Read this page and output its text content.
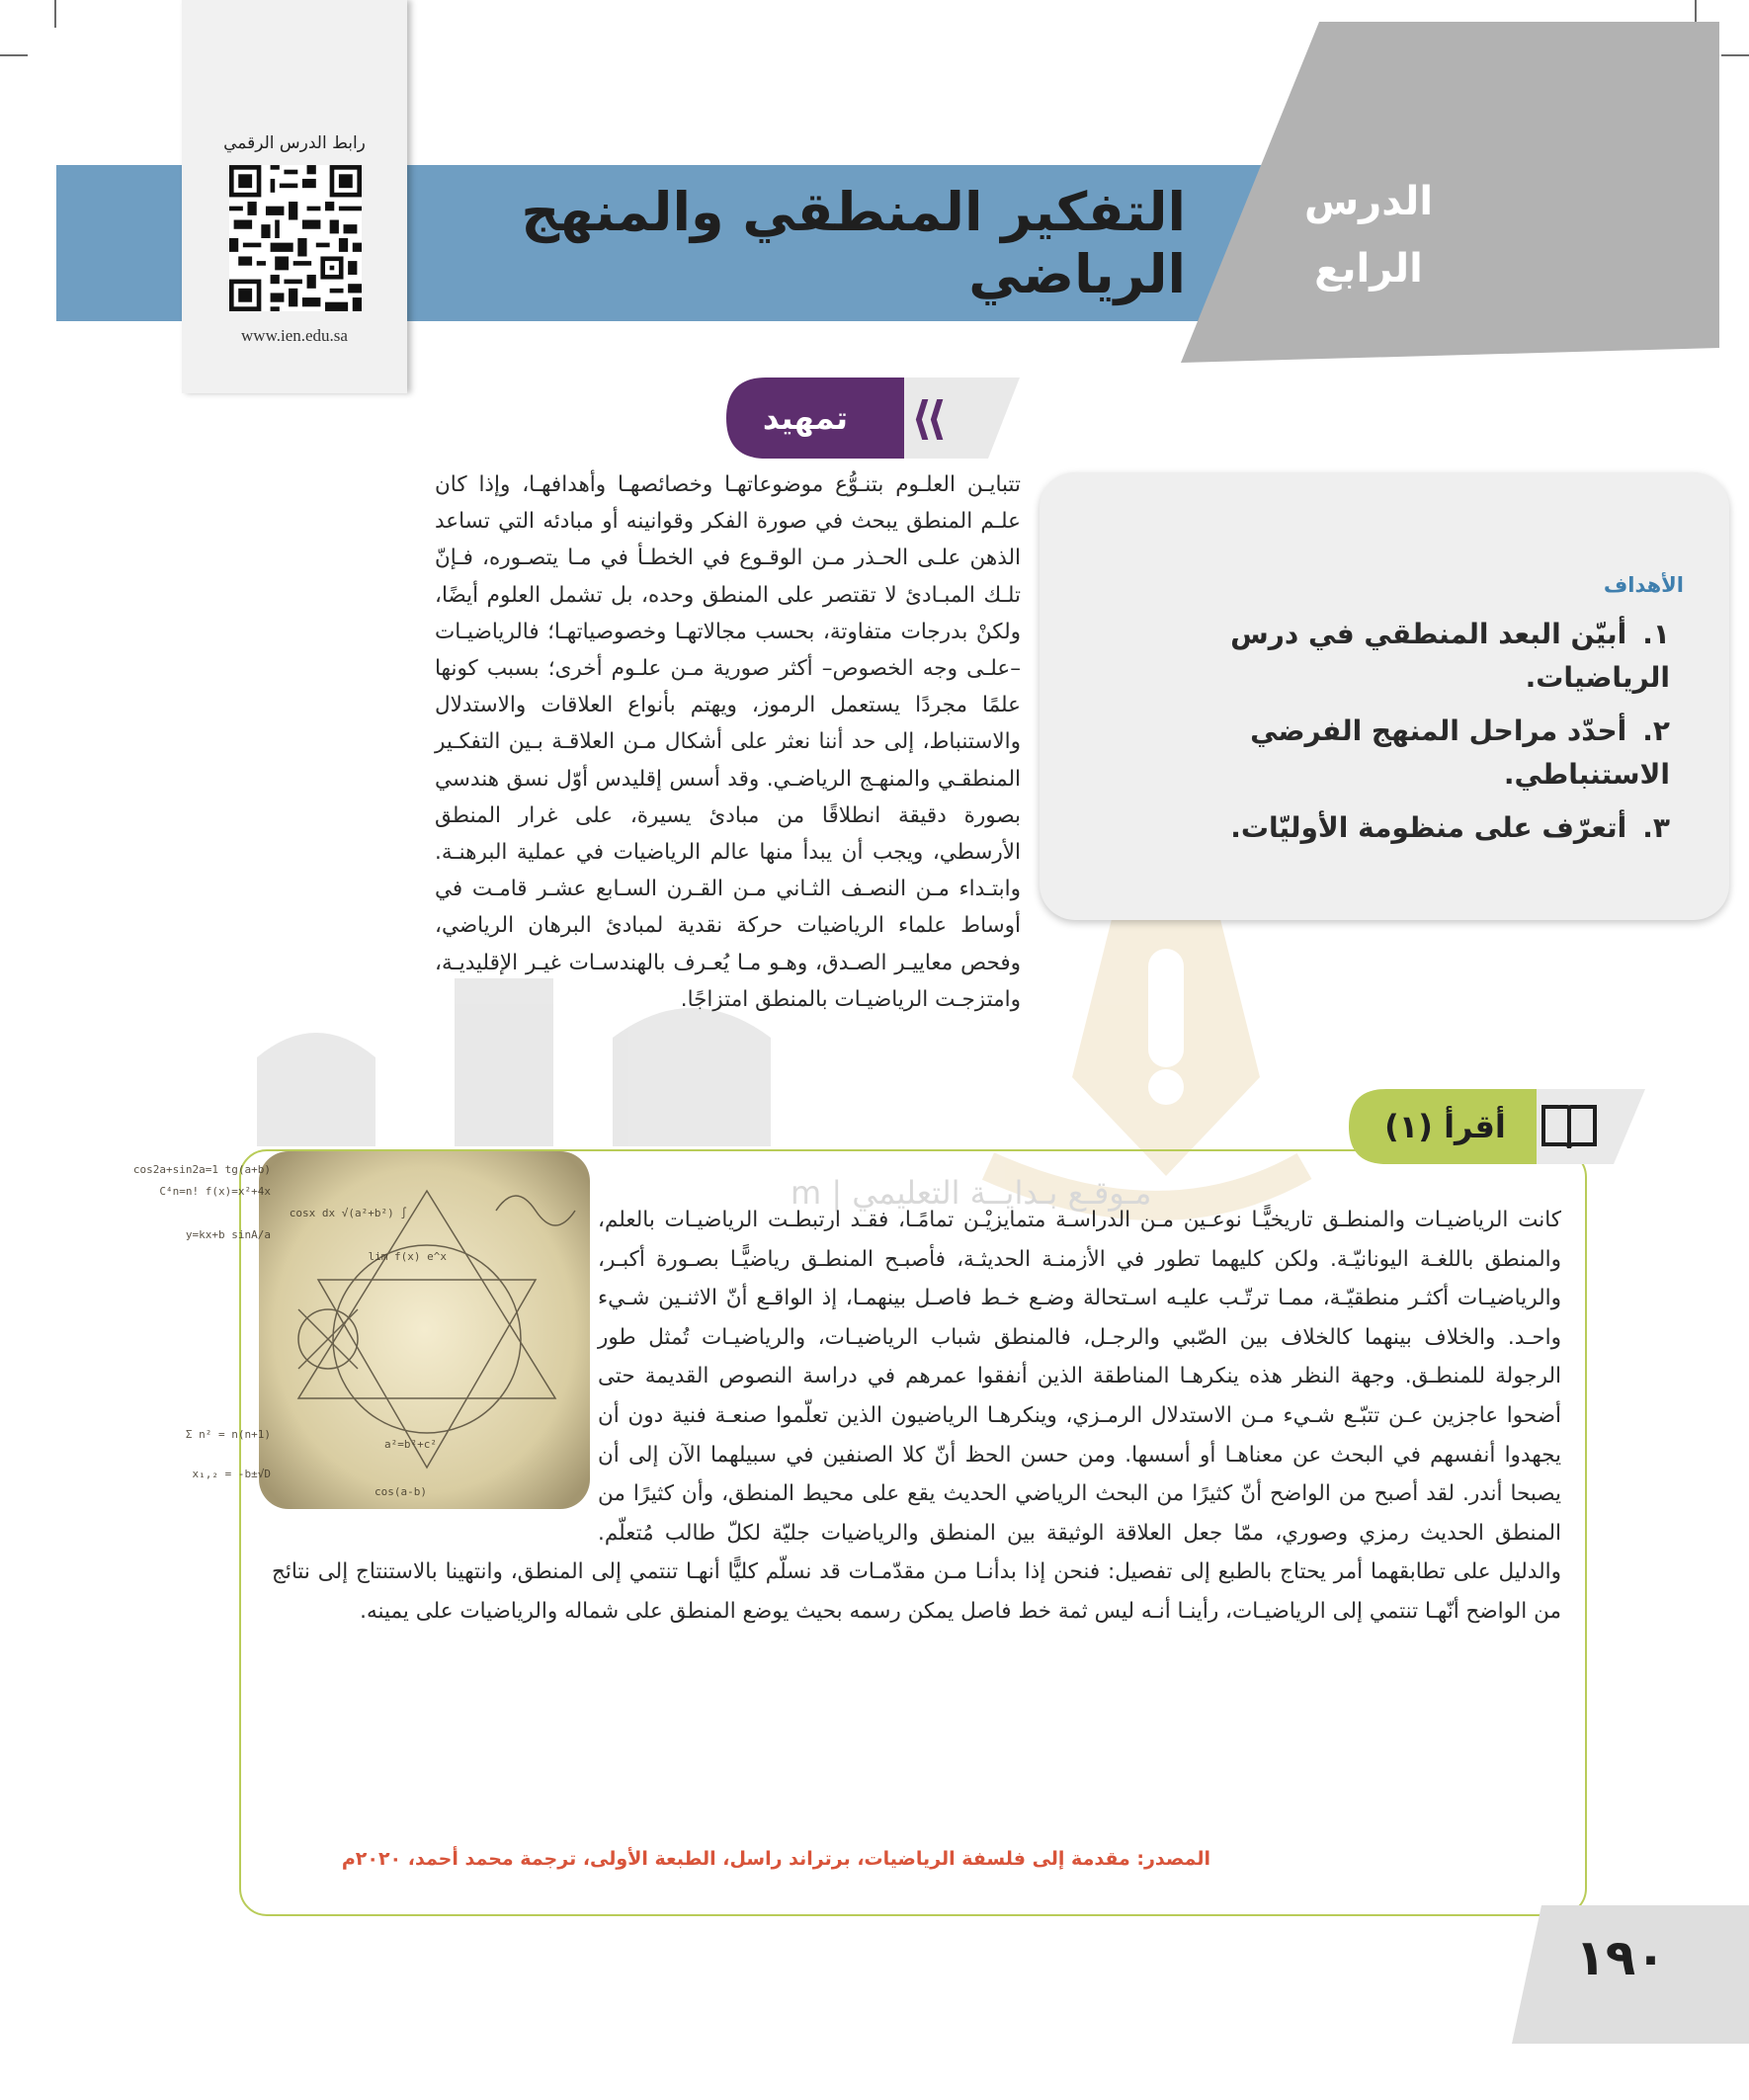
التفكير المنطقي والمنهج الرياضي
الدرس
الرابع
رابط الدرس الرقمي
www.ien.edu.sa
مـوقـع بـدايــة التعليمي | m
تمهيد	⟩⟩
تتبايـن العلـوم بتنـوُّع موضوعاتهـا وخصائصهـا وأهدافهـا، وإذا كان علـم المنطق يبحث في صورة الفكر وقوانينه أو مبادئه التي تساعد الذهن علـى الحـذر مـن الوقـوع في الخطـأ في مـا يتصـوره، فـإنّ تلـك المبـادئ لا تقتصر على المنطق وحده، بل تشمل العلوم أيضًا، ولكنْ بدرجات متفاوتة، بحسب مجالاتهـا وخصوصياتهـا؛ فالرياضيـات –علـى وجه الخصوص– أكثر صورية مـن علـوم أخرى؛ بسبب كونها علمًا مجردًا يستعمل الرموز، ويهتم بأنواع العلاقات والاستدلال والاستنباط، إلى حد أننا نعثر على أشكال مـن العلاقـة بـين التفكـير المنطقـي والمنهـج الرياضـي. وقد أسس إقليدس أوّل نسق هندسي بصورة دقيقة انطلاقًا من مبادئ يسيرة، على غرار المنطق الأرسطي، ويجب أن يبدأ منها عالم الرياضيات في عملية البرهنـة. وابتـداء مـن النصـف الثـاني مـن القـرن السـابع عشـر قامـت في أوساط علماء الرياضيات حركة نقدية لمبادئ البرهان الرياضي، وفحص معاييـر الصـدق، وهـو مـا يُعـرف بالهندسـات غيـر الإقليديـة، وامتزجـت الرياضيـات بالمنطق امتزاجًا.
الأهداف
١. أبيّن البعد المنطقي في درس الرياضيات.
٢. أحدّد مراحل المنهج الفرضي الاستنباطي.
٣. أتعرّف على منظومة الأوليّات.
أقرأ (١)
cos2a+sin2a=1 tg(a+b)
C⁴n=n! f(x)=x²+4x
∫ cosx dx √(a²+b²)
y=kx+b sinA/a
lim f(x) e^x
Σ n² = n(n+1)
a²=b²+c²
x₁,₂ = -b±√D
cos(a-b)
كانت الرياضيـات والمنطـق تاريخيًّـا نوعـين مـن الدراسـة متمايزيْـن تمامًـا، فقـد ارتبطـت الرياضيـات بالعلم، والمنطق باللغـة اليونانيّـة. ولكن كليهما تطور في الأزمنـة الحديثـة، فأصبـح المنطـق رياضيًّـا بصـورة أكبـر، والرياضيـات أكثـر منطقيّـة، ممـا ترتّـب عليـه اسـتحالة وضـع خـط فاصـل بينهمـا، إذ الواقـع أنّ الاثنـين شـيء واحـد. والخلاف بينهما كالخلاف بين الصّبي والرجـل، فالمنطق شباب الرياضيـات، والرياضيـات تُمثل طور الرجولة للمنطـق. وجهة النظر هذه ينكرهـا المناطقة الذين أنفقوا عمرهم في دراسة النصوص القديمة حتى أضحوا عاجزين عـن تتبّـع شـيء مـن الاستدلال الرمـزي، وينكرهـا الرياضيون الذين تعلّموا صنعـة فنية دون أن يجهدوا أنفسهم في البحث عن معناهـا أو أسسها. ومن حسن الحظ أنّ كلا الصنفين في سبيلهما الآن إلى أن يصبحا أندر. لقد أصبح من الواضح أنّ كثيرًا من البحث الرياضي الحديث يقع على محيط المنطق، وأن كثيرًا من المنطق الحديث رمزي وصوري، ممّا جعل العلاقة الوثيقة بين المنطق والرياضيات جليّة لكلّ طالب مُتعلّم. والدليل على تطابقهما أمر يحتاج بالطبع إلى تفصيل: فنحن إذا بدأنـا مـن مقدّمـات قد نسلّم كليًّا أنهـا تنتمي إلى المنطق، وانتهينا بالاستنتاج إلى نتائج من الواضح أنّهـا تنتمي إلى الرياضيـات، رأينـا أنـه ليس ثمة خط فاصل يمكن رسمه بحيث يوضع المنطق على شماله والرياضيات على يمينه.
المصدر: مقدمة إلى فلسفة الرياضيات، برتراند راسل، الطبعة الأولى، ترجمة محمد أحمد، ٢٠٢٠م
١٩٠
